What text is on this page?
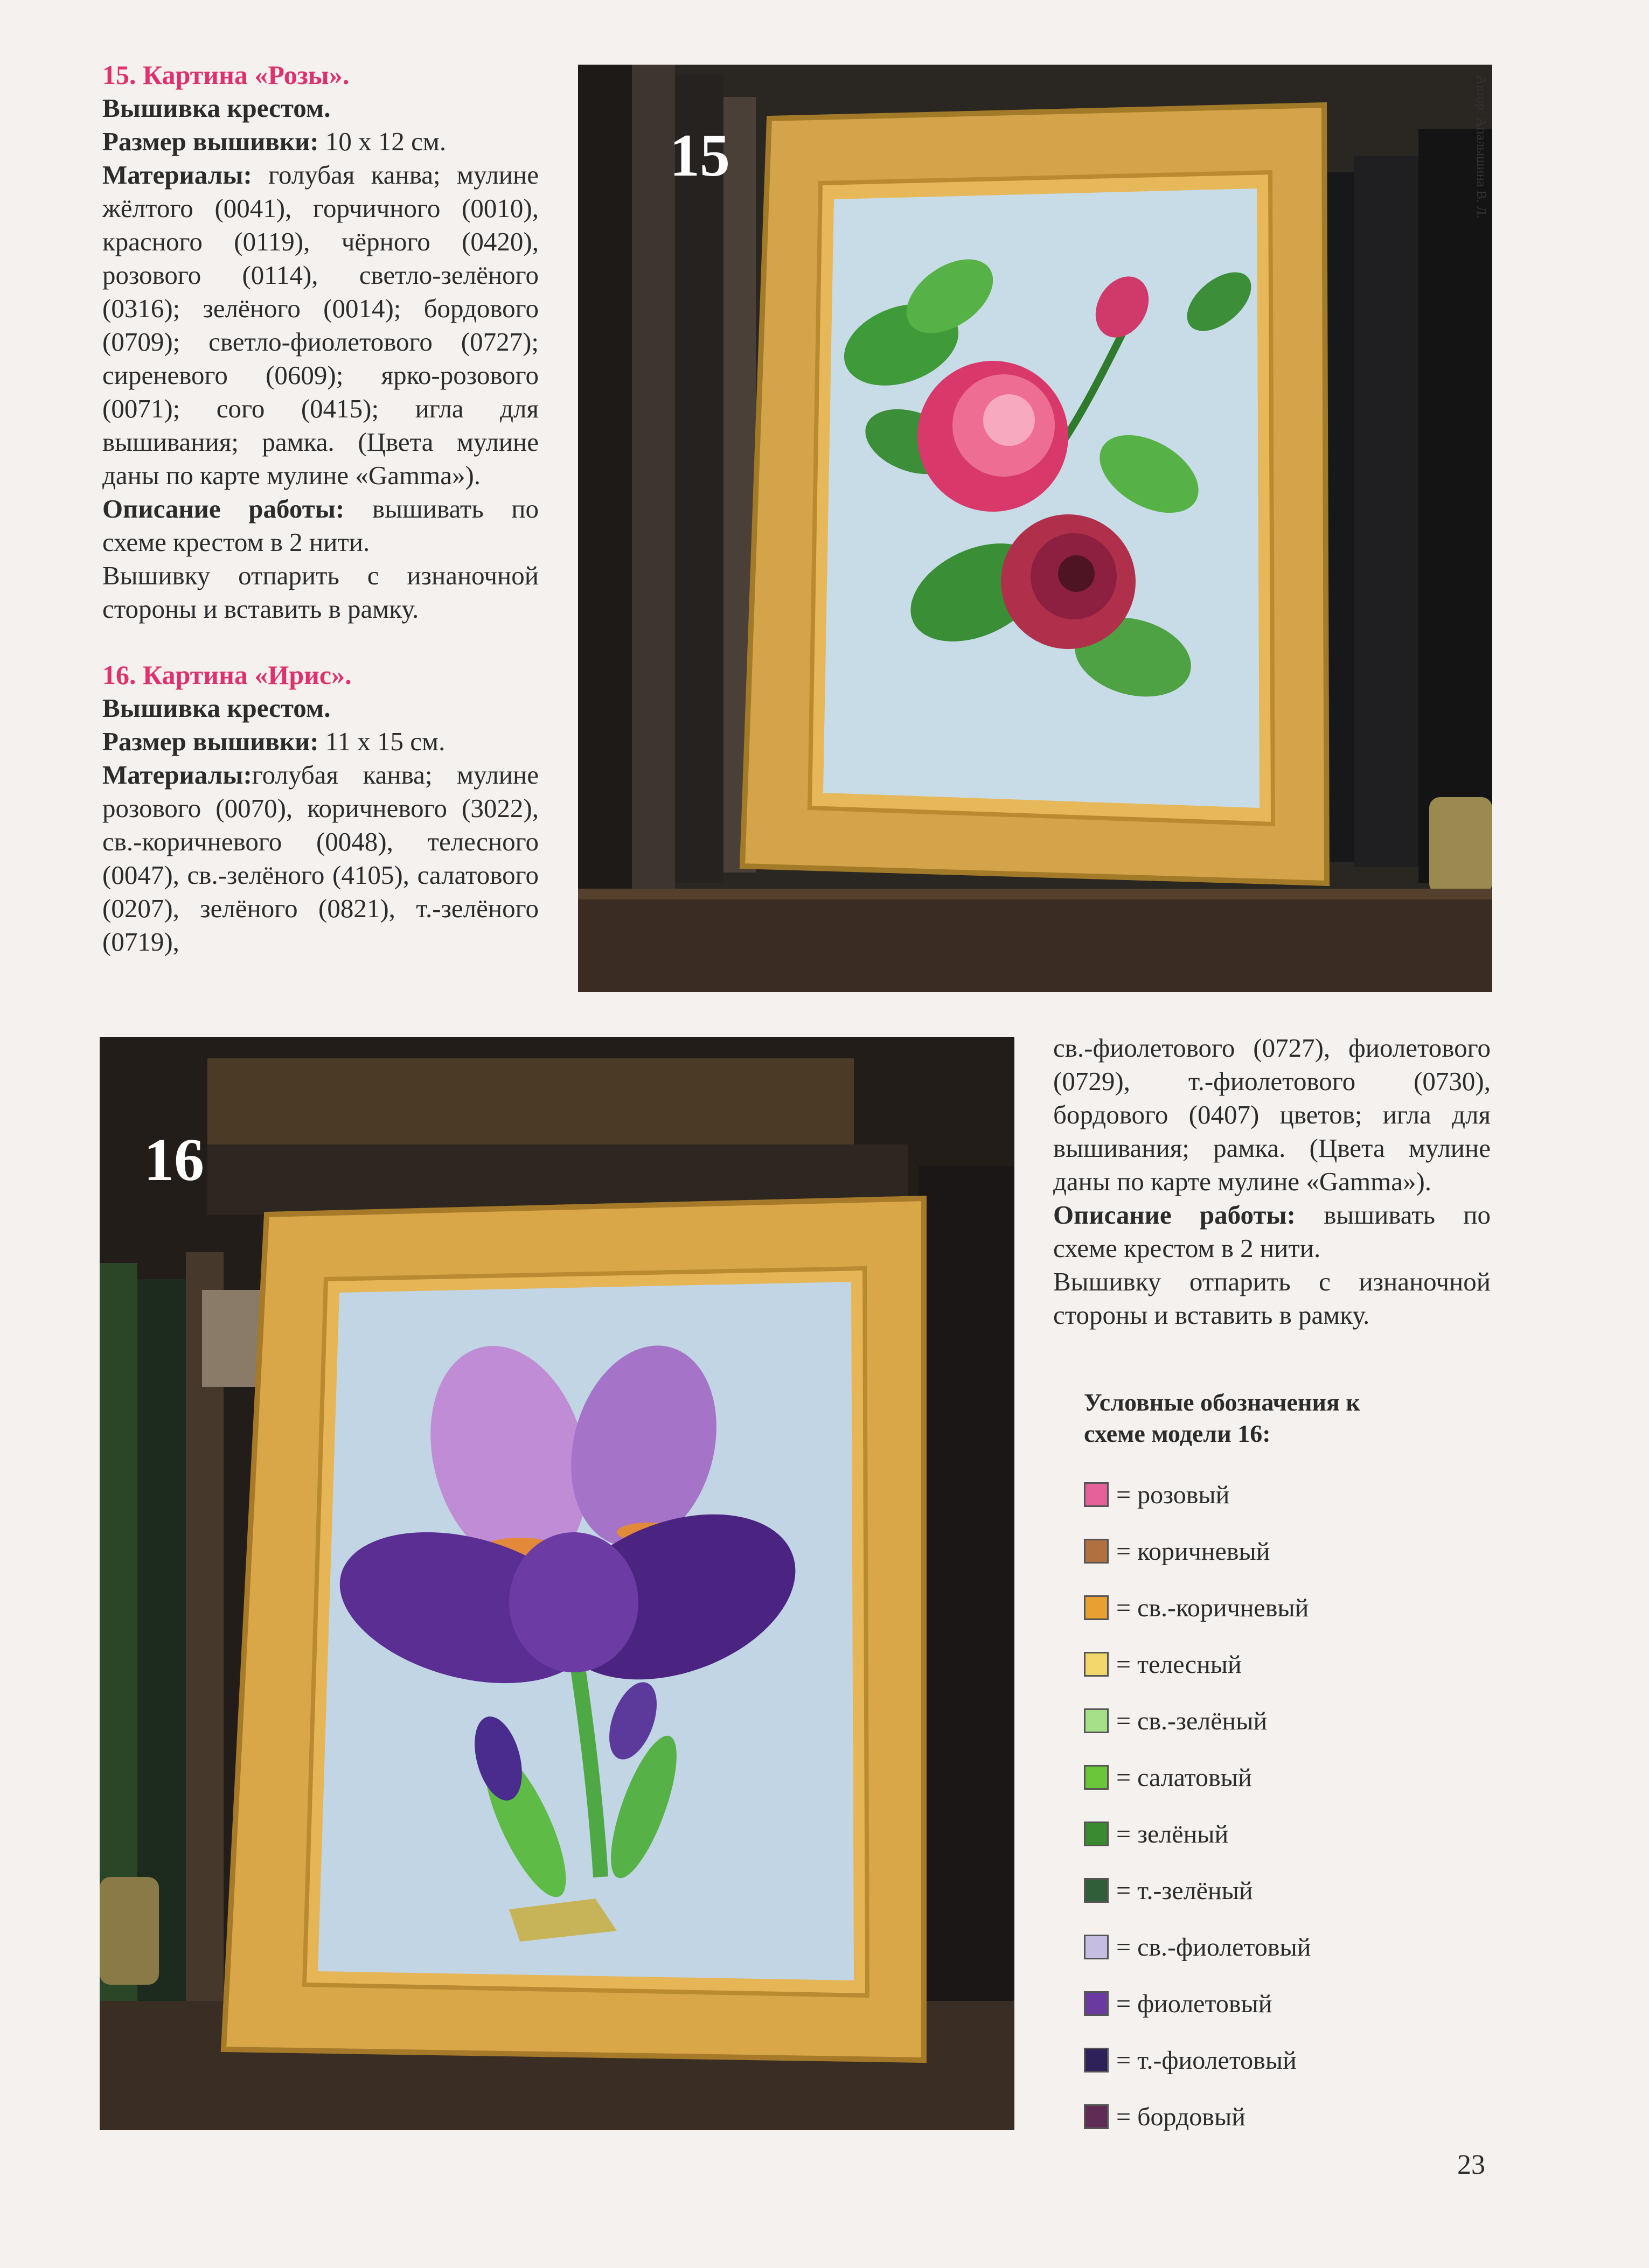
15. Картина «Розы».

Вышивка крестом.

Размер вышивки: 10 х 12 см.

Материалы: голубая канва; мулине жёлтого (0041), горчичного (0010), красного (0119), чёрного (0420), розового (0114), светло-зелёного (0316); зелёного (0014); бордового (0709); светло-фиолетового (0727); сиреневого (0609); ярко-розового (0071); сого (0415); игла для вышивания; рамка. (Цвета мулине даны по карте мулине «Gamma»).

Описание работы: вышивать по схеме крестом в 2 нити.

Вышивку отпарить с изнаночной стороны и вставить в рамку.

16. Картина «Ирис».

Вышивка крестом.

Размер вышивки: 11 х 15 см.

Материалы:голубая канва; мулине розового (0070), коричневого (3022), св.-коричневого (0048), телесного (0047), св.-зелёного (4105), салатового (0207), зелёного (0821), т.-зелёного (0719),

15	Автор: Апалышина В. Л.
16

св.-фиолетового (0727), фиолетового (0729), т.-фиолетового (0730), бордового (0407) цветов; игла для вышивания; рамка. (Цвета мулине даны по карте мулине «Gamma»).

Описание работы: вышивать по схеме крестом в 2 нити.

Вышивку отпарить с изнаночной стороны и вставить в рамку.

Условные обозначения к схеме модели 16:
= розовый
= коричневый
= св.-коричневый
= телесный
= св.-зелёный
= салатовый
= зелёный
= т.-зелёный
= св.-фиолетовый
= фиолетовый
= т.-фиолетовый
= бордовый
23
